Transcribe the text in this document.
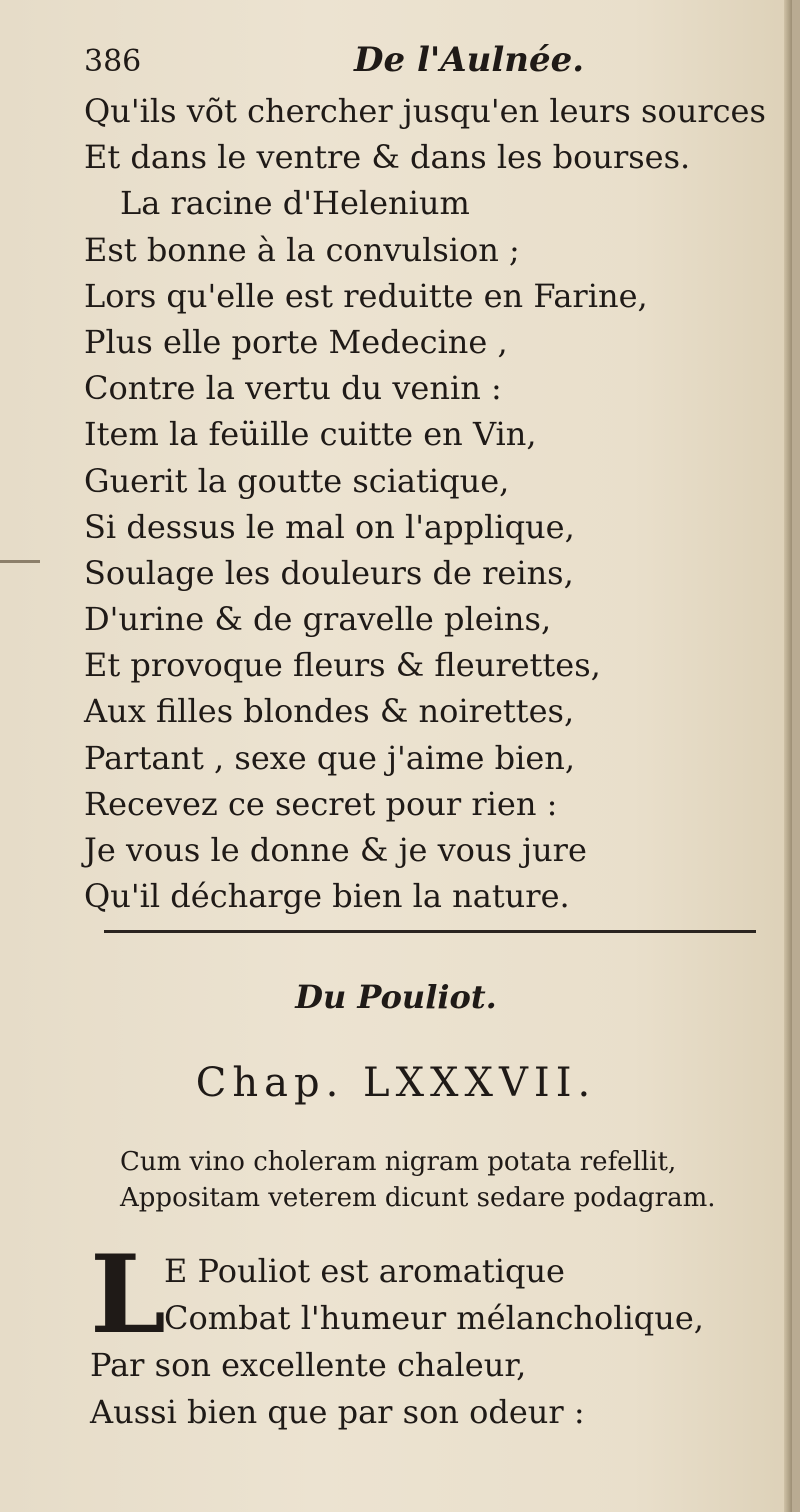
386	De l'Aulnée.
Qu'ils võt chercher jusqu'en leurs sources
Et dans le ventre & dans les bourses.
La racine d'Helenium
Est bonne à la convulsion ;
Lors qu'elle est reduitte en Farine,
Plus elle porte Medecine ,
Contre la vertu du venin :
Item la feüille cuitte en Vin,
Guerit la goutte sciatique,
Si dessus le mal on l'applique,
Soulage les douleurs de reins,
D'urine & de gravelle pleins,
Et provoque fleurs & fleurettes,
Aux filles blondes & noirettes,
Partant , sexe que j'aime bien,
Recevez ce secret pour rien :
Je vous le donne & je vous jure
Qu'il décharge bien la nature.
Du Pouliot.
Chap. LXXXVII.
Cum vino choleram nigram potata refellit,
Appositam veterem dicunt sedare podagram.
L
E Pouliot est aromatique
Combat l'humeur mélancholique,
Par son excellente chaleur,
Aussi bien que par son odeur :
